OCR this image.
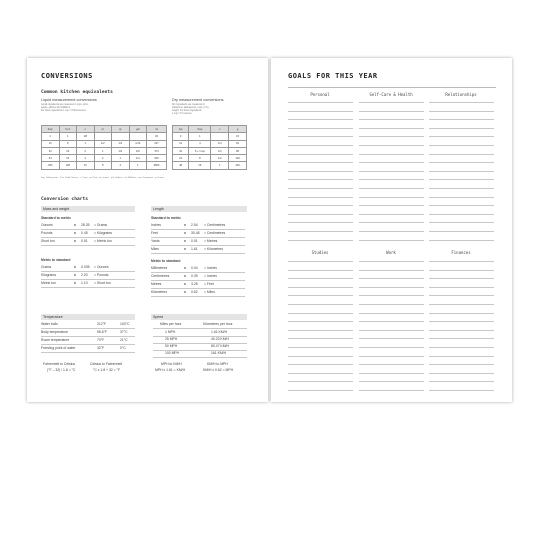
CONVERSIONS
Common kitchen equivalents
Liquid measurement conversions
Liquid ingredients are measured in cups, pints,
quarts, gallons and millilitres.
For these ingredients 1 cup = 8 fluid ounces.
Dry measurement conversions
Dry ingredients are measured in
teaspoons, tablespoons, cups, or by
weight. For these ingredients
1 cup = 5.3 ounces.
tbsp	fl oz	c	pt	qt	gal	ml
2	1	1/8				30
16	8	1	1/2	1/4	1/16	237
32	16	2	1	1/2	1/8	473
64	32	4	2	1	1/4	946
256	128	16	8	4	1	3800
tsp	tbsp	c	g
3	1		15
12	4	1/4	60
16	5 + 1 tsp	1/3	80
24	8	1/2	120
48	16	1	240
Key: Tablespoons · fl oz: Fluid Ounces · c: Cups · pt: Pints · qt: Quarts · gal: Gallons · ml: Millilitres · tsp: Teaspoons · g: Grams
Conversion charts
Mass and weight
Standard to metric
Ounces	x 28.35 = Grams
Pounds	x 0.45 = Kilograms
Short ton	x 0.91 = Metric ton
Metric to standard
Grams	x 0.035 = Ounces
Kilograms	x 2.20 = Pounds
Metric ton	x 1.10 = Short ton
Length
Standard to metric
Inches	x 2.54 = Centimetres
Feet	x 30.48 = Centimetres
Yards	x 0.91 = Metres
Miles	x 1.61 = Kilometres
Metric to standard
Millimetres	x 0.04 = Inches
Centimetres	x 0.39 = Inches
Metres	x 3.28 = Feet
Kilometres	x 0.62 = Miles
Temperature
Water boils	212°F	100°C
Body temperature	98.6°F	37°C
Room temperature	70°F	21°C
Freezing point of water	32°F	0°C
Fahrenheit to Celsius	Celsius to Fahrenheit
(°F – 32) / 1.8 = °C	°C x 1.8 + 32 = °F
Speed
Miles per hour	Kilometres per hour
1 MPH	1.61 KM/H
25 MPH	40.23 KM/H
50 MPH	80.47 KM/H
100 MPH	161 KM/H
MPH to KM/H	KM/H to MPH
MPH x 1.61 = KM/H	KM/H x 0.62 = MPH
GOALS FOR THIS YEAR
Personal	Self-Care & Health	Relationships
Studies	Work	Finances
